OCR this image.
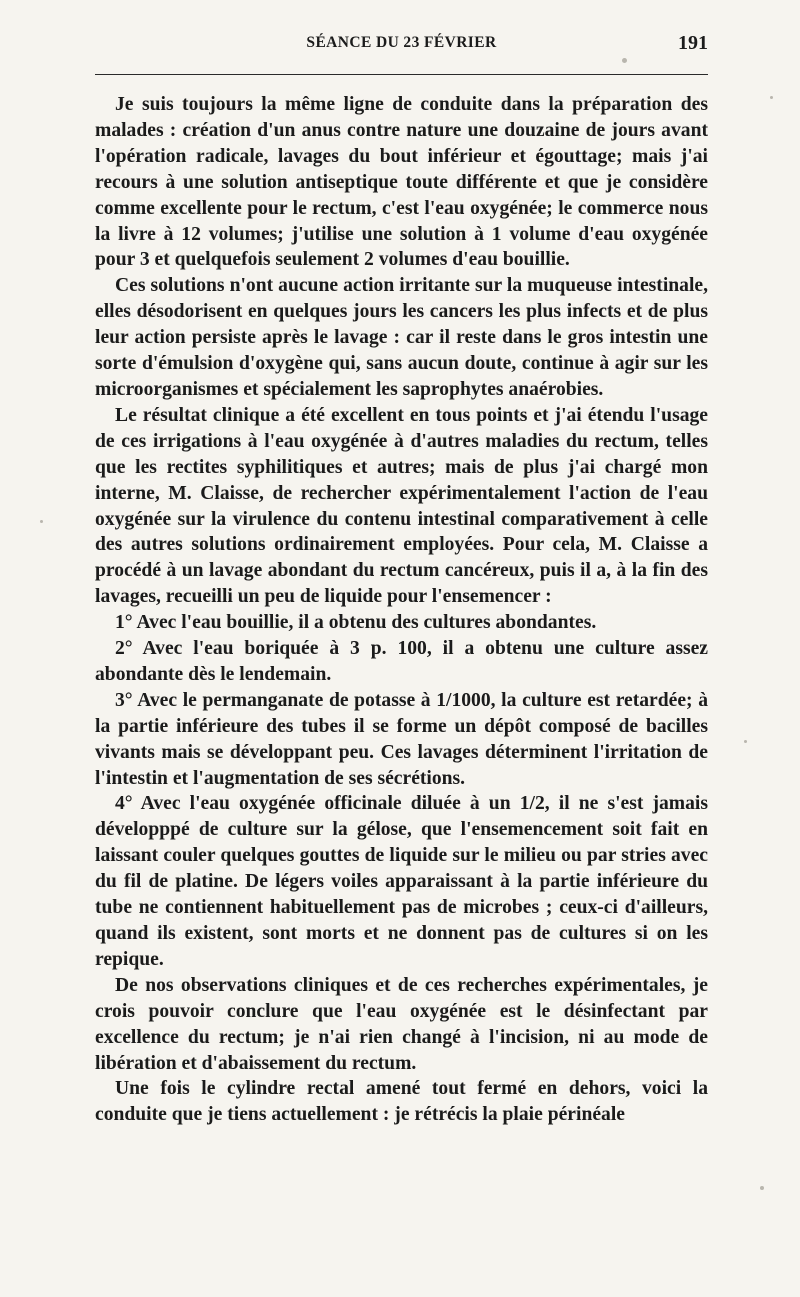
SÉANCE DU 23 FÉVRIER	191

Je suis toujours la même ligne de conduite dans la préparation des malades : création d'un anus contre nature une douzaine de jours avant l'opération radicale, lavages du bout inférieur et égouttage; mais j'ai recours à une solution antiseptique toute différente et que je considère comme excellente pour le rectum, c'est l'eau oxygénée; le commerce nous la livre à 12 volumes; j'utilise une solution à 1 volume d'eau oxygénée pour 3 et quelquefois seulement 2 volumes d'eau bouillie.

Ces solutions n'ont aucune action irritante sur la muqueuse intestinale, elles désodorisent en quelques jours les cancers les plus infects et de plus leur action persiste après le lavage : car il reste dans le gros intestin une sorte d'émulsion d'oxygène qui, sans aucun doute, continue à agir sur les microorganismes et spécialement les saprophytes anaérobies.

Le résultat clinique a été excellent en tous points et j'ai étendu l'usage de ces irrigations à l'eau oxygénée à d'autres maladies du rectum, telles que les rectites syphilitiques et autres; mais de plus j'ai chargé mon interne, M. Claisse, de rechercher expérimentalement l'action de l'eau oxygénée sur la virulence du contenu intestinal comparativement à celle des autres solutions ordinairement employées. Pour cela, M. Claisse a procédé à un lavage abondant du rectum cancéreux, puis il a, à la fin des lavages, recueilli un peu de liquide pour l'ensemencer :

1° Avec l'eau bouillie, il a obtenu des cultures abondantes.

2° Avec l'eau boriquée à 3 p. 100, il a obtenu une culture assez abondante dès le lendemain.

3° Avec le permanganate de potasse à 1/1000, la culture est retardée; à la partie inférieure des tubes il se forme un dépôt composé de bacilles vivants mais se développant peu. Ces lavages déterminent l'irritation de l'intestin et l'augmentation de ses sécrétions.

4° Avec l'eau oxygénée officinale diluée à un 1/2, il ne s'est jamais développpé de culture sur la gélose, que l'ensemencement soit fait en laissant couler quelques gouttes de liquide sur le milieu ou par stries avec du fil de platine. De légers voiles apparaissant à la partie inférieure du tube ne contiennent habituellement pas de microbes ; ceux-ci d'ailleurs, quand ils existent, sont morts et ne donnent pas de cultures si on les repique.

De nos observations cliniques et de ces recherches expérimentales, je crois pouvoir conclure que l'eau oxygénée est le désinfectant par excellence du rectum; je n'ai rien changé à l'incision, ni au mode de libération et d'abaissement du rectum.

Une fois le cylindre rectal amené tout fermé en dehors, voici la conduite que je tiens actuellement : je rétrécis la plaie périnéale
